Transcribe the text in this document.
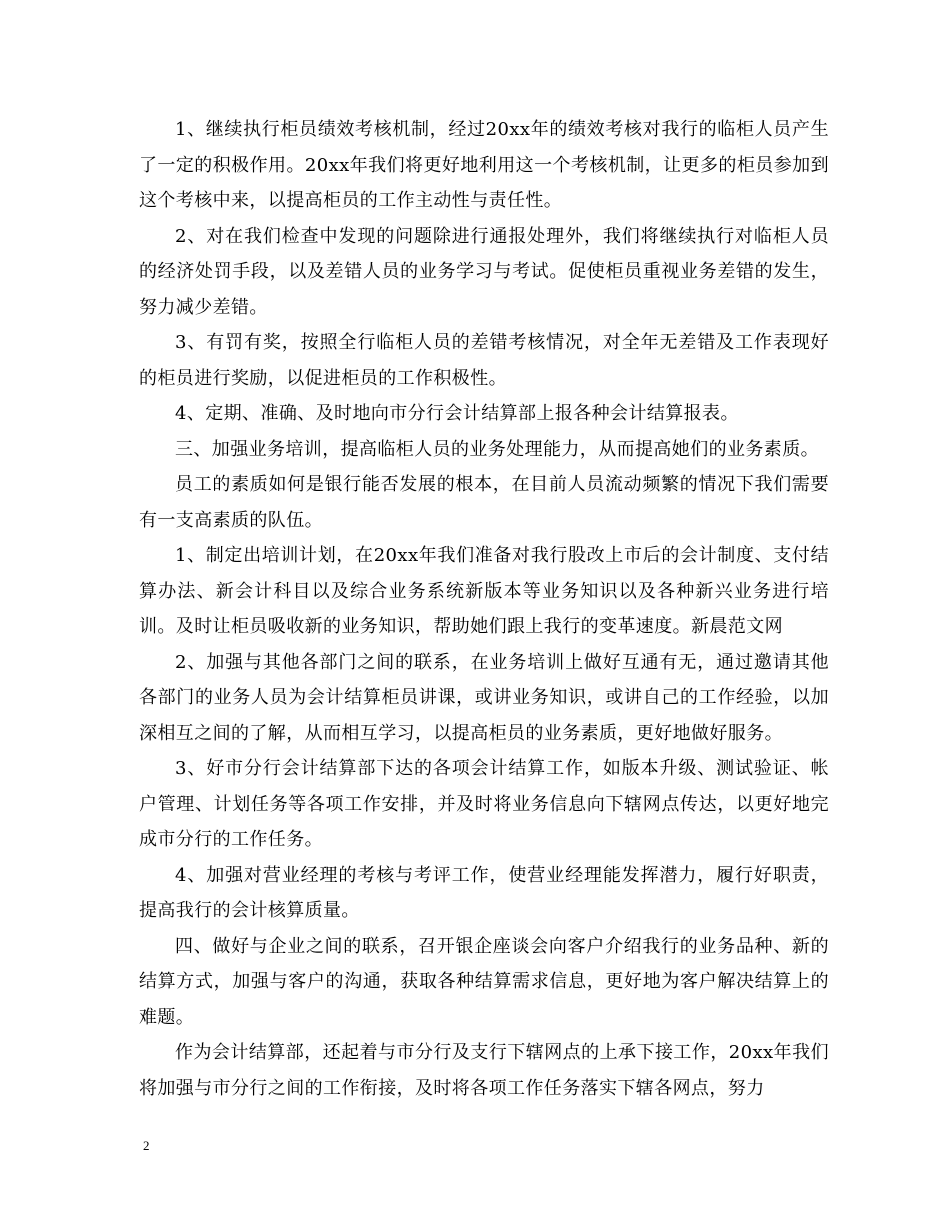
1、继续执行柜员绩效考核机制，经过20xx年的绩效考核对我行的临柜人员产生了一定的积极作用。20xx年我们将更好地利用这一个考核机制，让更多的柜员参加到这个考核中来，以提高柜员的工作主动性与责任性。

2、对在我们检查中发现的问题除进行通报处理外，我们将继续执行对临柜人员的经济处罚手段，以及差错人员的业务学习与考试。促使柜员重视业务差错的发生，努力减少差错。

3、有罚有奖，按照全行临柜人员的差错考核情况，对全年无差错及工作表现好的柜员进行奖励，以促进柜员的工作积极性。

4、定期、准确、及时地向市分行会计结算部上报各种会计结算报表。

三、加强业务培训，提高临柜人员的业务处理能力，从而提高她们的业务素质。

员工的素质如何是银行能否发展的根本，在目前人员流动频繁的情况下我们需要有一支高素质的队伍。

1、制定出培训计划，在20xx年我们准备对我行股改上市后的会计制度、支付结算办法、新会计科目以及综合业务系统新版本等业务知识以及各种新兴业务进行培训。及时让柜员吸收新的业务知识，帮助她们跟上我行的变革速度。新晨范文网

2、加强与其他各部门之间的联系，在业务培训上做好互通有无，通过邀请其他各部门的业务人员为会计结算柜员讲课，或讲业务知识，或讲自己的工作经验，以加深相互之间的了解，从而相互学习，以提高柜员的业务素质，更好地做好服务。

3、好市分行会计结算部下达的各项会计结算工作，如版本升级、测试验证、帐户管理、计划任务等各项工作安排，并及时将业务信息向下辖网点传达，以更好地完成市分行的工作任务。

4、加强对营业经理的考核与考评工作，使营业经理能发挥潜力，履行好职责，提高我行的会计核算质量。

四、做好与企业之间的联系，召开银企座谈会向客户介绍我行的业务品种、新的结算方式，加强与客户的沟通，获取各种结算需求信息，更好地为客户解决结算上的难题。

作为会计结算部，还起着与市分行及支行下辖网点的上承下接工作，20xx年我们将加强与市分行之间的工作衔接，及时将各项工作任务落实下辖各网点，努力

2
